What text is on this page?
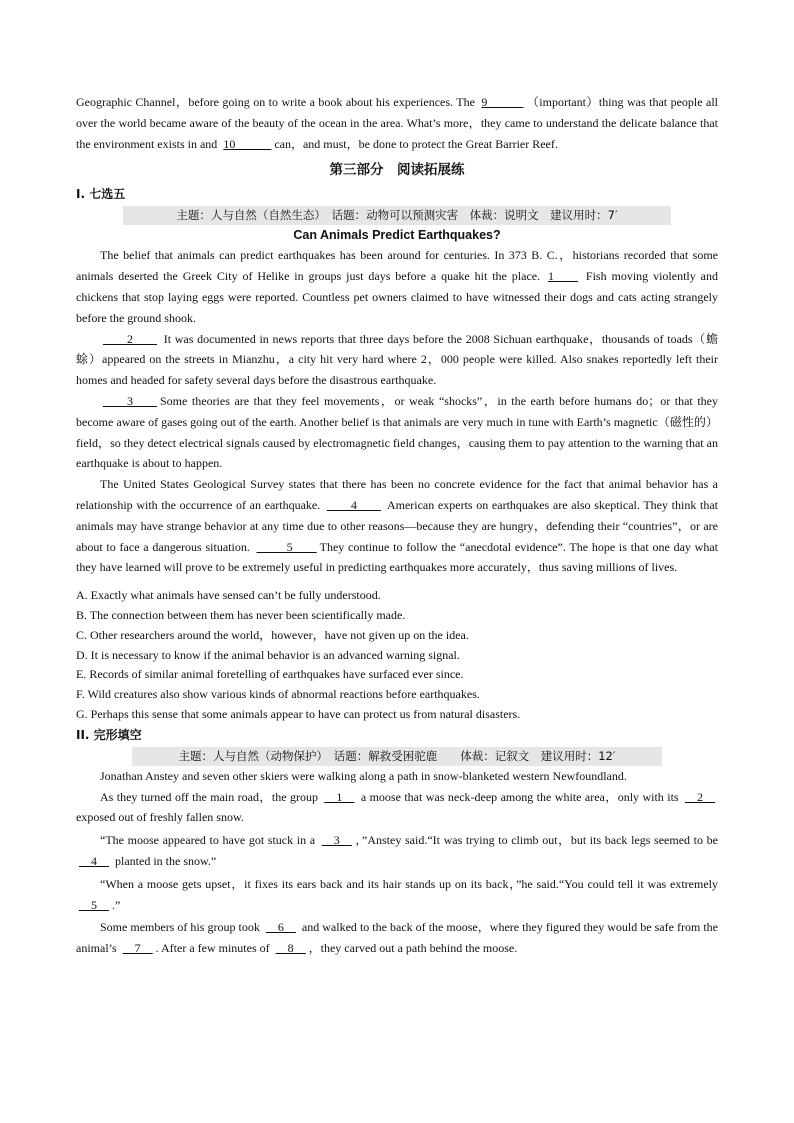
Geographic Channel，before going on to write a book about his experiences. The 9______ （important）thing was that people all over the world became aware of the beauty of the ocean in the area. What’s more，they came to understand the delicate balance that the environment exists in and 10______ can，and must，be done to protect the Great Barrier Reef.

第三部分　阅读拓展练
I. 七选五
主题：人与自然（自然生态）　话题：动物可以预测灾害　体裁：说明文　建议用时：7′
Can Animals Predict Earthquakes?

The belief that animals can predict earthquakes has been around for centuries. In 373 B. C.，historians recorded that some animals deserted the Greek City of Helike in groups just days before a quake hit the place. 1____ Fish moving violently and chickens that stop laying eggs were reported. Countless pet owners claimed to have witnessed their dogs and cats acting strangely before the ground shook.

____2____ It was documented in news reports that three days before the 2008 Sichuan earthquake，thousands of toads（蟾蜍）appeared on the streets in Mianzhu，a city hit very hard where 2，000 people were killed. Also snakes reportedly left their homes and headed for safety several days before the disastrous earthquake.

____3____ Some theories are that they feel movements，or weak “shocks”，in the earth before humans do；or that they become aware of gases going out of the earth. Another belief is that animals are very much in tune with Earth’s magnetic（磁性的）field，so they detect electrical signals caused by electromagnetic field changes，causing them to pay attention to the warning that an earthquake is about to happen.

The United States Geological Survey states that there has been no concrete evidence for the fact that animal behavior has a relationship with the occurrence of an earthquake. ____4____ American experts on earthquakes are also skeptical. They think that animals may have strange behavior at any time due to other reasons—because they are hungry，defending their “countries”，or are about to face a dangerous situation. _____5____ They continue to follow the “anecdotal evidence”. The hope is that one day what they have learned will prove to be extremely useful in predicting earthquakes more accurately，thus saving millions of lives.

A. Exactly what animals have sensed can’t be fully understood.

B. The connection between them has never been scientifically made.

C. Other researchers around the world，however，have not given up on the idea.

D. It is necessary to know if the animal behavior is an advanced warning signal.

E. Records of similar animal foretelling of earthquakes have surfaced ever since.

F. Wild creatures also show various kinds of abnormal reactions before earthquakes.

G. Perhaps this sense that some animals appear to have can protect us from natural disasters.

II. 完形填空
主题：人与自然（动物保护）　话题：解救受困驼鹿　　体裁：记叙文　建议用时：12′

Jonathan Anstey and seven other skiers were walking along a path in snow-blanketed western Newfoundland.

As they turned off the main road，the group __1__ a moose that was neck-deep among the white area，only with its __2__ exposed out of freshly fallen snow.

“The moose appeared to have got stuck in a __3__ ，”Anstey said.“It was trying to climb out，but its back legs seemed to be __4__ planted in the snow.”

“When a moose gets upset，it fixes its ears back and its hair stands up on its back，”he said.“You could tell it was extremely __5__ .”

Some members of his group took __6__ and walked to the back of the moose，where they figured they would be safe from the animal’s __7__ . After a few minutes of __8__ ，they carved out a path behind the moose.
